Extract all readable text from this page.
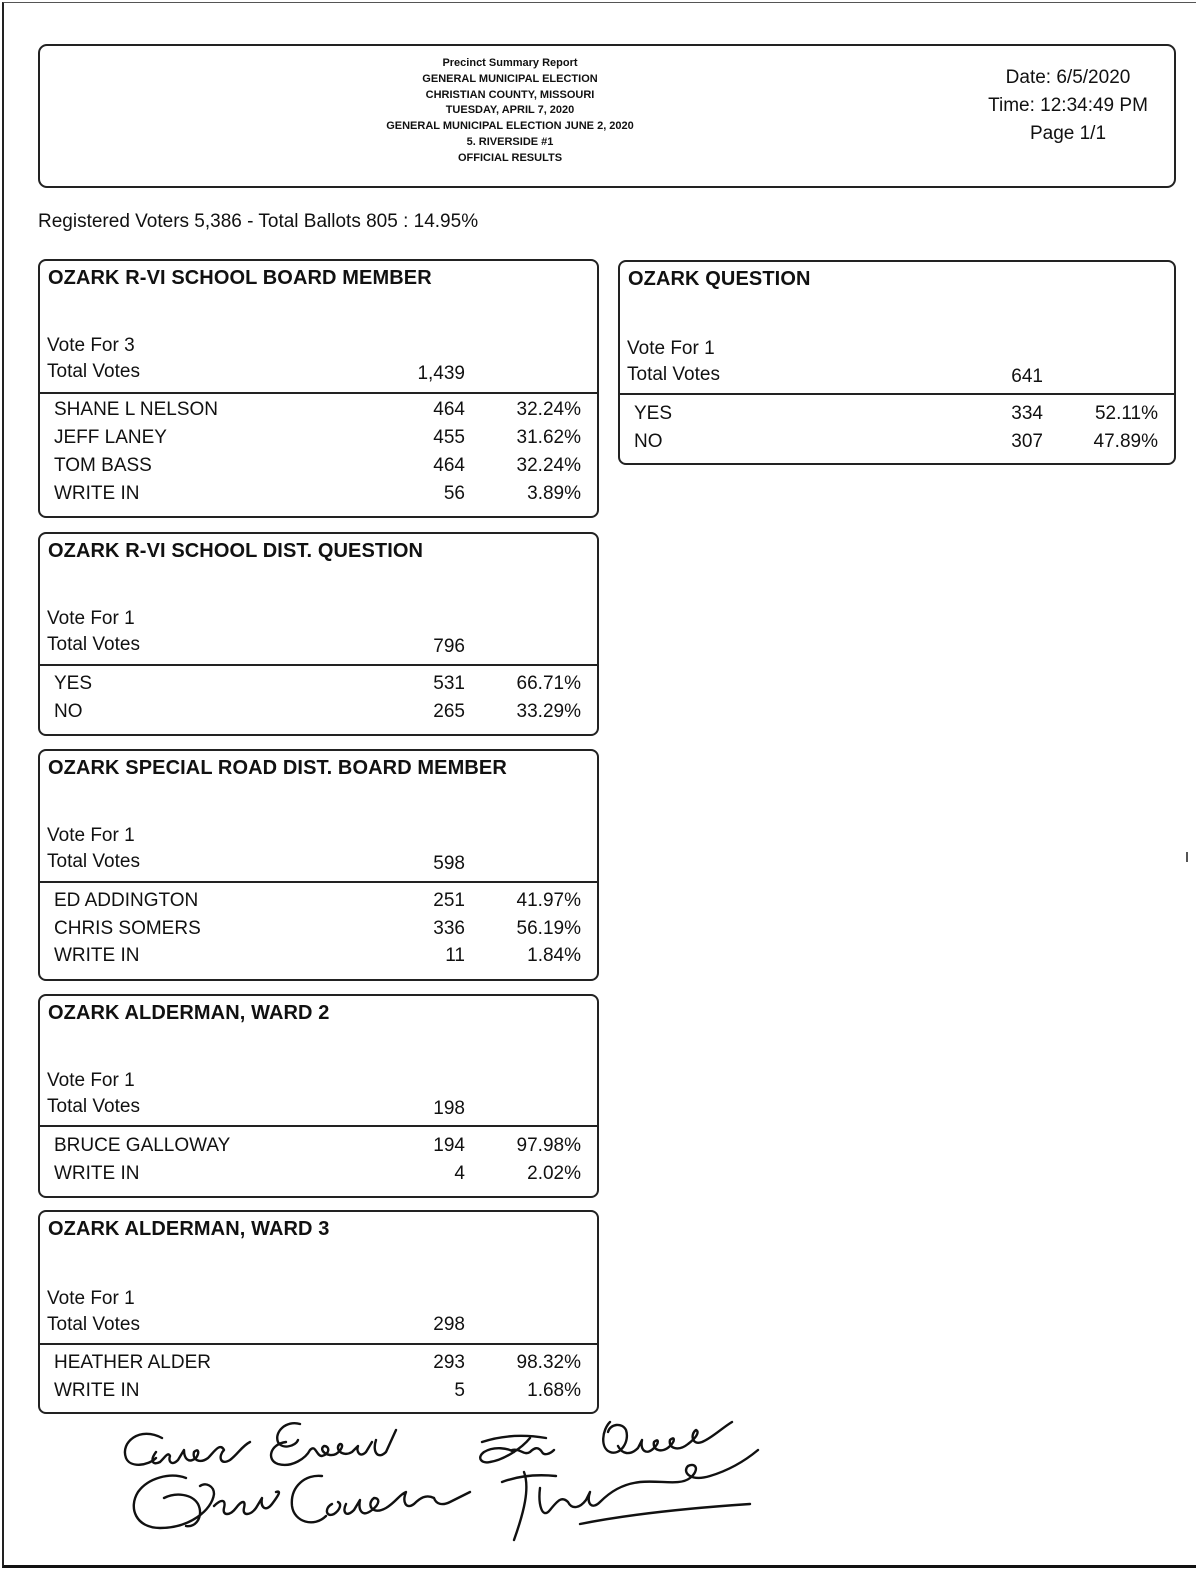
Precinct Summary Report
GENERAL MUNICIPAL ELECTION
CHRISTIAN COUNTY, MISSOURI
TUESDAY, APRIL 7, 2020
GENERAL MUNICIPAL ELECTION JUNE 2, 2020
5. RIVERSIDE #1
OFFICIAL RESULTS
Date: 6/5/2020
Time: 12:34:49 PM
Page 1/1
Registered Voters 5,386 - Total Ballots 805 : 14.95%
OZARK R-VI SCHOOL BOARD MEMBER
Vote For 3
Total Votes	1,439
SHANE L NELSON	464	32.24%
JEFF LANEY	455	31.62%
TOM BASS	464	32.24%
WRITE IN	56	3.89%
OZARK R-VI SCHOOL DIST. QUESTION
Vote For 1
Total Votes	796
YES	531	66.71%
NO	265	33.29%
OZARK SPECIAL ROAD DIST. BOARD MEMBER
Vote For 1
Total Votes	598
ED ADDINGTON	251	41.97%
CHRIS SOMERS	336	56.19%
WRITE IN	11	1.84%
OZARK ALDERMAN, WARD 2
Vote For 1
Total Votes	198
BRUCE GALLOWAY	194	97.98%
WRITE IN	4	2.02%
OZARK ALDERMAN, WARD 3
Vote For 1
Total Votes	298
HEATHER ALDER	293	98.32%
WRITE IN	5	1.68%
OZARK QUESTION
Vote For 1
Total Votes	641
YES	334	52.11%
NO	307	47.89%
